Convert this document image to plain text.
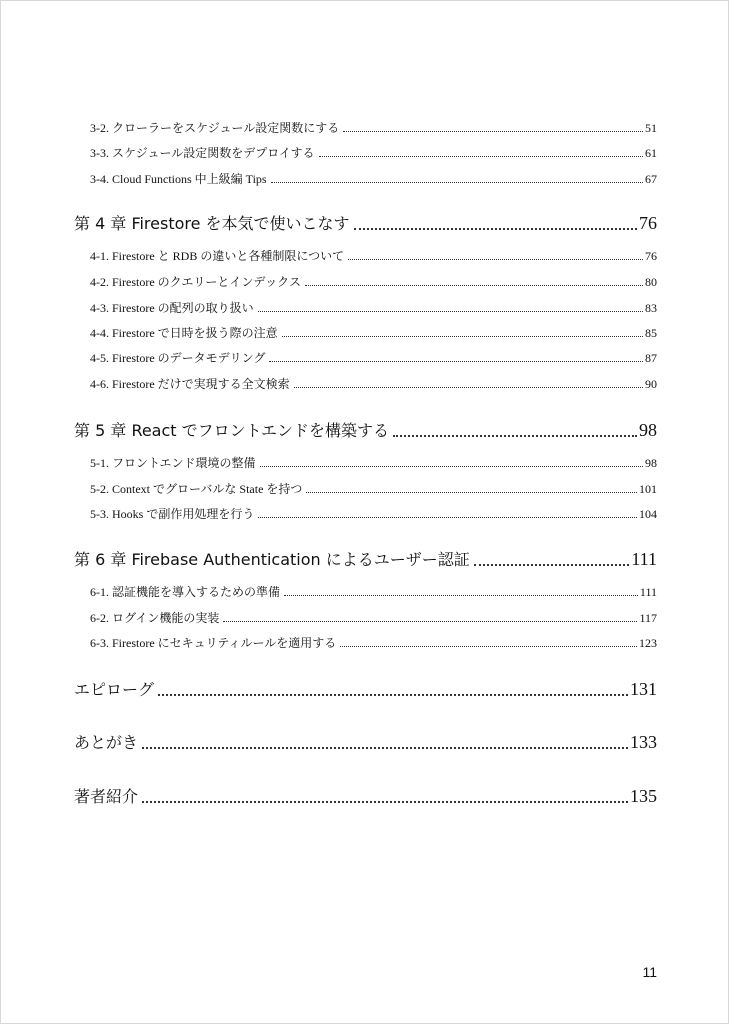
3-2. クローラーをスケジュール設定関数にする	51
3-3. スケジュール設定関数をデプロイする	61
3-4. Cloud Functions 中上級編 Tips	67
第 4 章 Firestore を本気で使いこなす	76
4-1. Firestore と RDB の違いと各種制限について	76
4-2. Firestore のクエリーとインデックス	80
4-3. Firestore の配列の取り扱い	83
4-4. Firestore で日時を扱う際の注意	85
4-5. Firestore のデータモデリング	87
4-6. Firestore だけで実現する全文検索	90
第 5 章 React でフロントエンドを構築する	98
5-1. フロントエンド環境の整備	98
5-2. Context でグローバルな State を持つ	101
5-3. Hooks で副作用処理を行う	104
第 6 章 Firebase Authentication によるユーザー認証	111
6-1. 認証機能を導入するための準備	111
6-2. ログイン機能の実装	117
6-3. Firestore にセキュリティルールを適用する	123
エピローグ	131
あとがき	133
著者紹介	135
11
